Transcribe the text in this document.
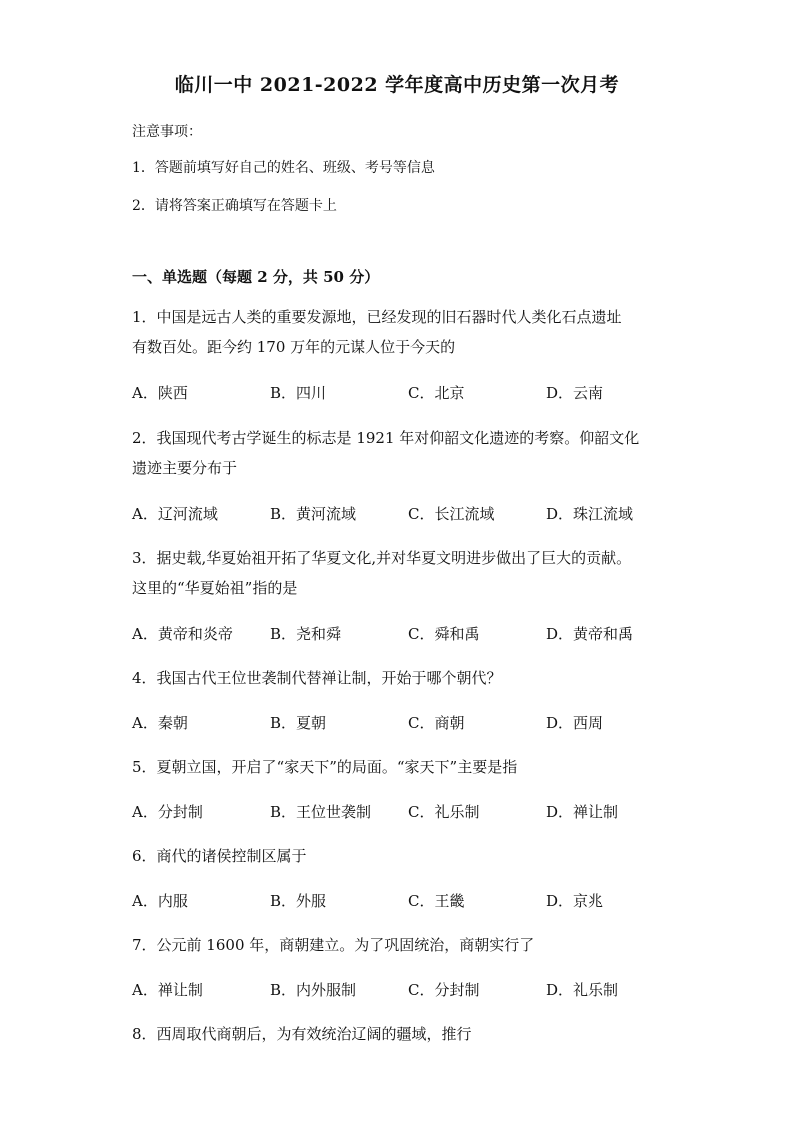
临川一中 2021-2022 学年度高中历史第一次月考
注意事项：
1．答题前填写好自己的姓名、班级、考号等信息
2．请将答案正确填写在答题卡上
一、单选题（每题 2 分，共 50 分）
1．中国是远古人类的重要发源地，已经发现的旧石器时代人类化石点遗址
有数百处。距今约 170 万年的元谋人位于今天的
A．陕西	B．四川	C．北京	D．云南
2．我国现代考古学诞生的标志是 1921 年对仰韶文化遗迹的考察。仰韶文化
遗迹主要分布于
A．辽河流域	B．黄河流域	C．长江流域	D．珠江流域
3．据史载,华夏始祖开拓了华夏文化,并对华夏文明进步做出了巨大的贡献。
这里的“华夏始祖”指的是
A．黄帝和炎帝 B．尧和舜	C．舜和禹	D．黄帝和禹
4．我国古代王位世袭制代替禅让制，开始于哪个朝代？
A．秦朝	B．夏朝	C．商朝	D．西周
5．夏朝立国，开启了“家天下”的局面。“家天下”主要是指
A．分封制	B．王位世袭制 C．礼乐制	D．禅让制
6．商代的诸侯控制区属于
A．内服	B．外服	C．王畿	D．京兆
7．公元前 1600 年，商朝建立。为了巩固统治，商朝实行了
A．禅让制	B．内外服制	C．分封制	D．礼乐制
8．西周取代商朝后，为有效统治辽阔的疆域，推行
